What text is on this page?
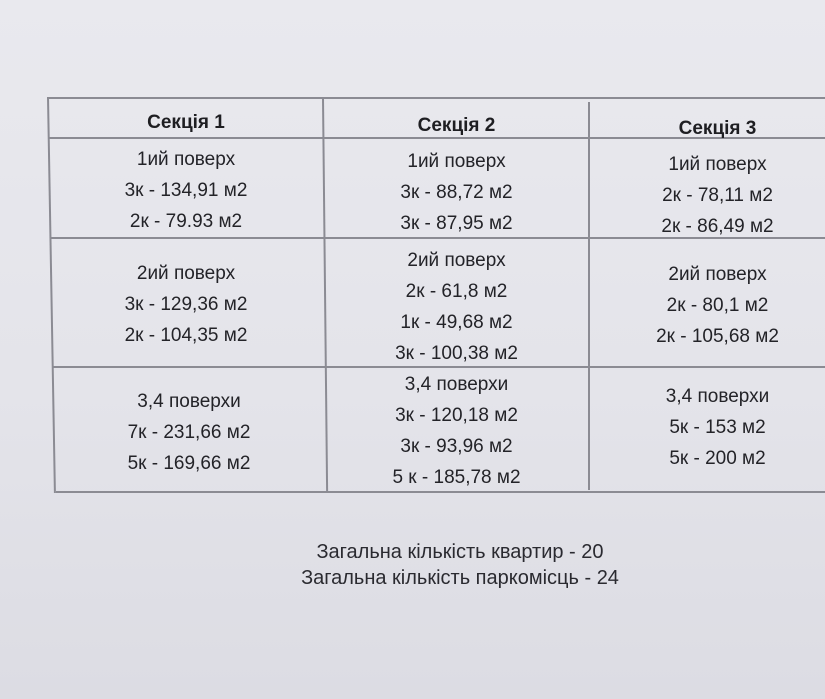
Секція 1	Секція 2	Секція 3
1ий поверх
3к - 134,91 м2
2к - 79.93 м2
1ий поверх
3к - 88,72 м2
3к - 87,95 м2
1ий поверх
2к - 78,11 м2
2к - 86,49 м2
2ий поверх
3к - 129,36 м2
2к - 104,35 м2
2ий поверх
2к - 61,8 м2
1к - 49,68 м2
3к - 100,38 м2
2ий поверх
2к - 80,1 м2
2к - 105,68 м2
3,4 поверхи
7к - 231,66 м2
5к - 169,66 м2
3,4 поверхи
3к - 120,18 м2
3к - 93,96 м2
5 к - 185,78 м2
3,4 поверхи
5к - 153 м2
5к - 200 м2
Загальна кількість квартир - 20
Загальна кількість паркомісць - 24
